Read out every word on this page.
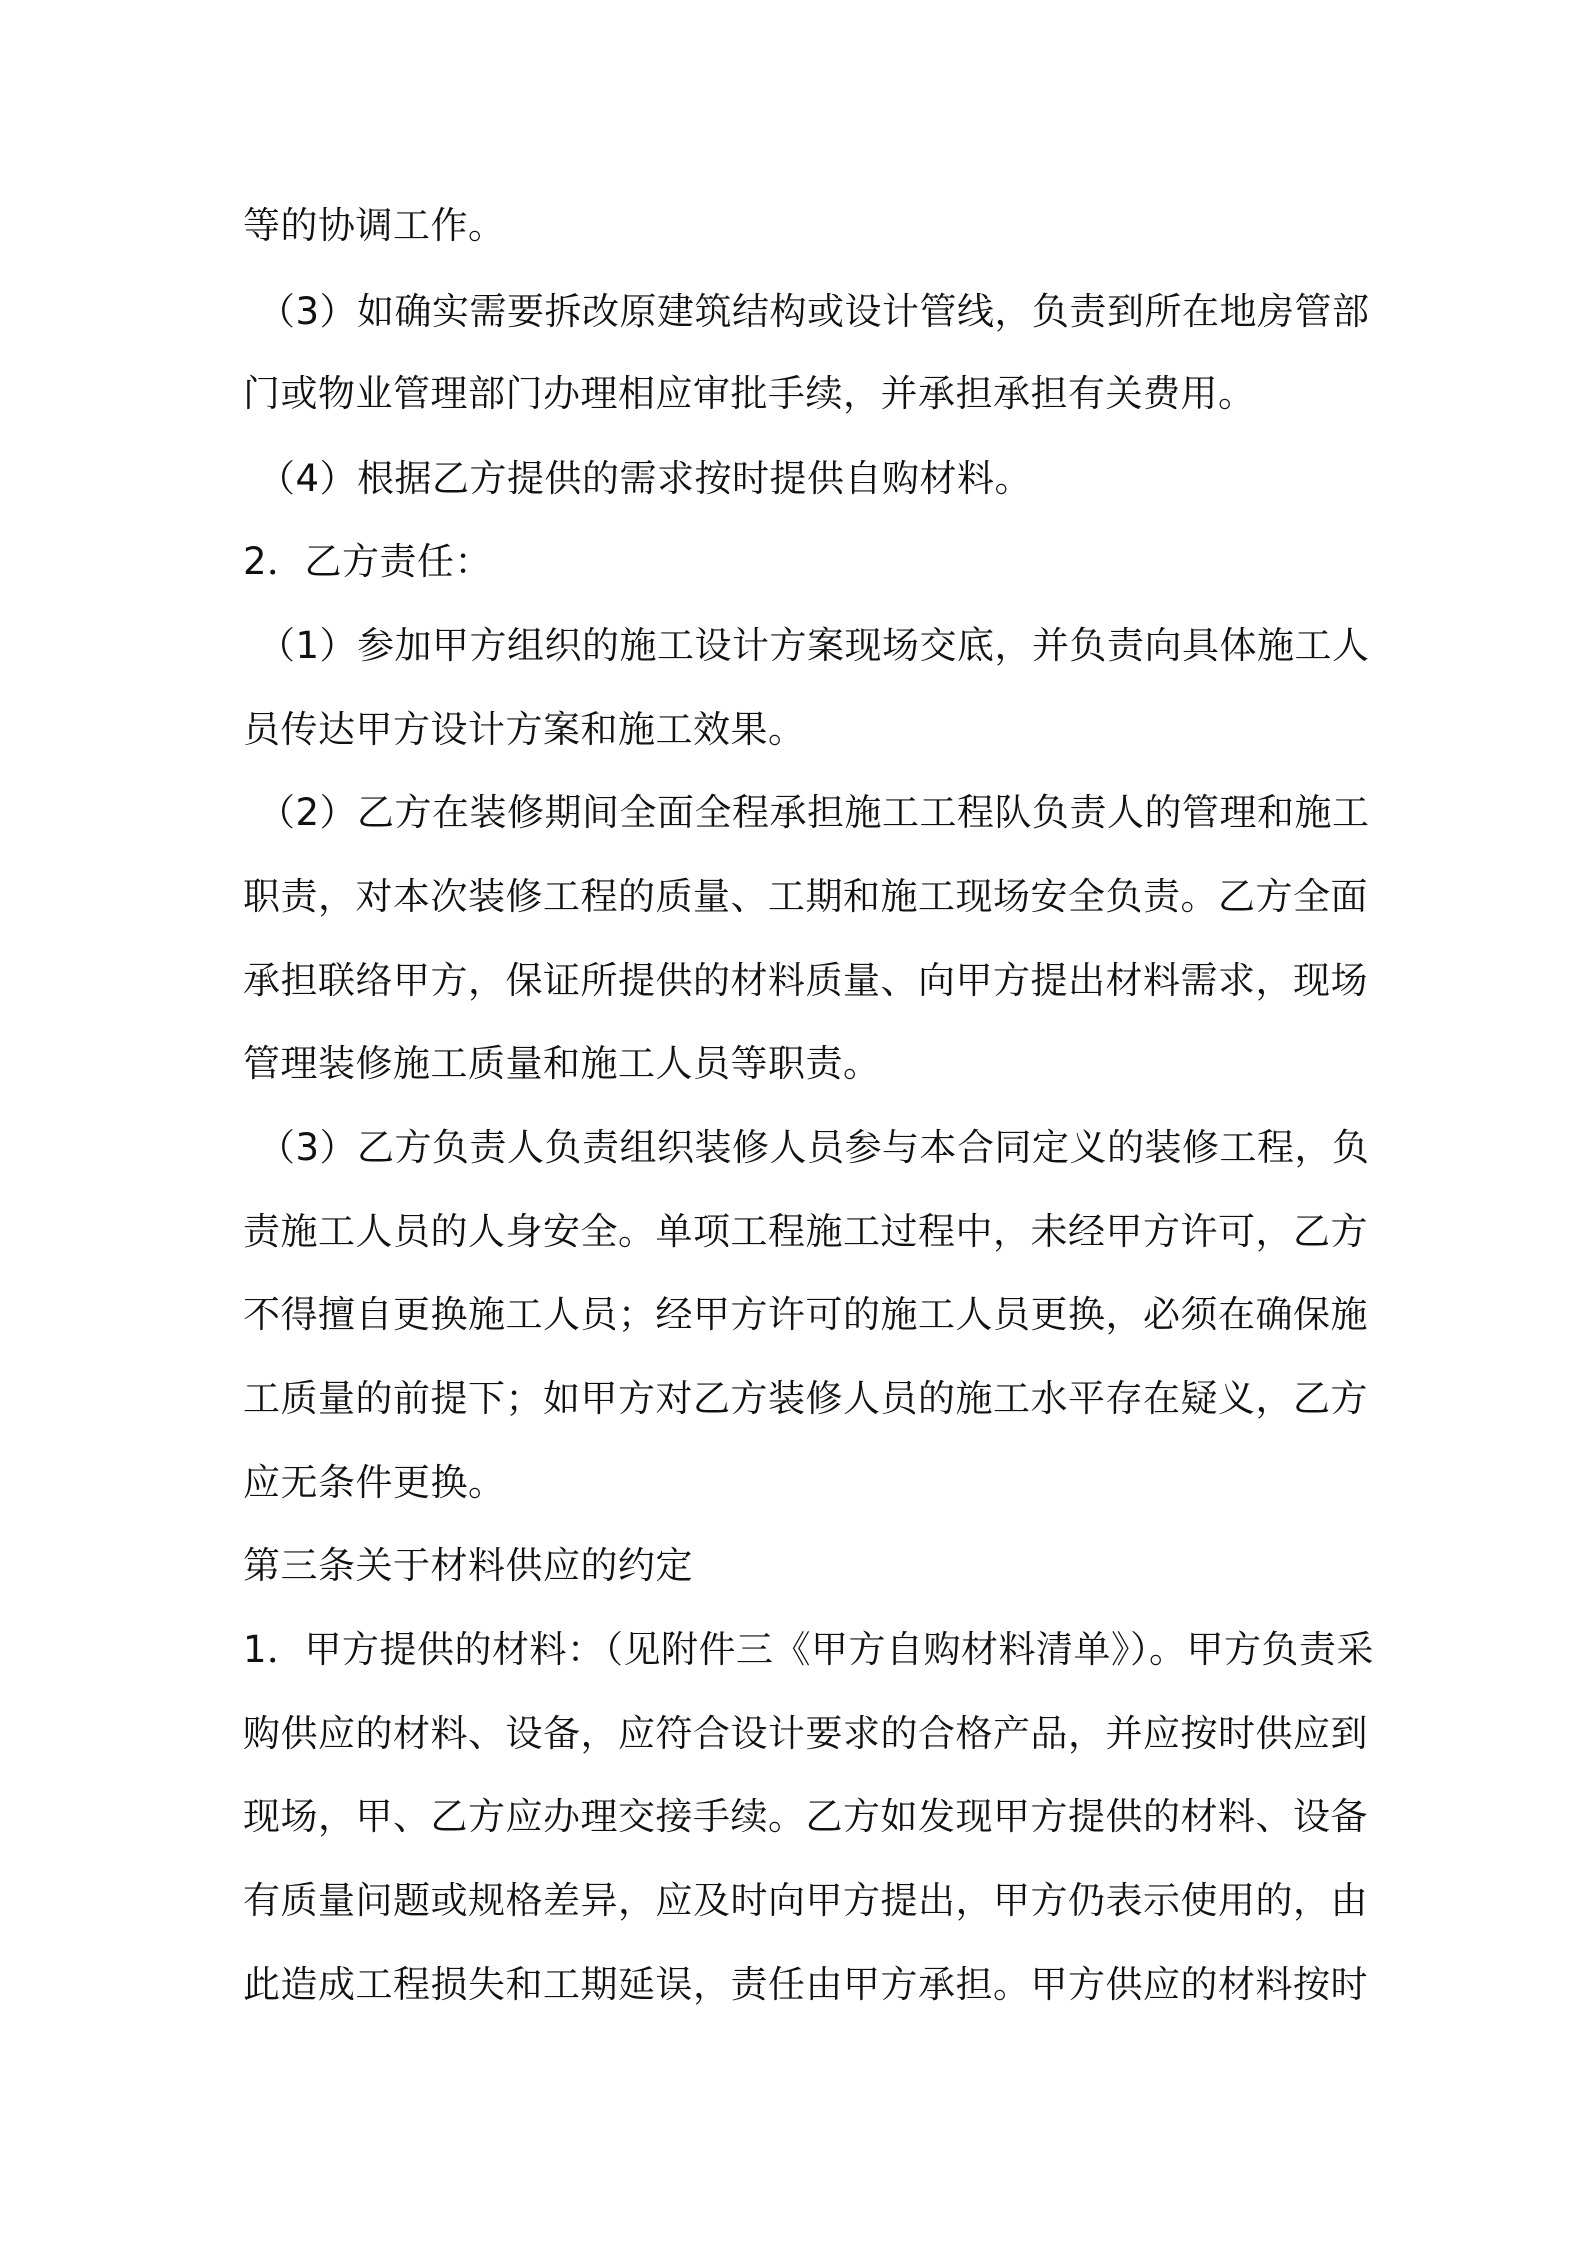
等的协调工作。
（3）如确实需要拆改原建筑结构或设计管线，负责到所在地房管部
门或物业管理部门办理相应审批手续，并承担承担有关费用。
（4）根据乙方提供的需求按时提供自购材料。
2．乙方责任：
（1）参加甲方组织的施工设计方案现场交底，并负责向具体施工人
员传达甲方设计方案和施工效果。
（2）乙方在装修期间全面全程承担施工工程队负责人的管理和施工
职责，对本次装修工程的质量、工期和施工现场安全负责。乙方全面
承担联络甲方，保证所提供的材料质量、向甲方提出材料需求，现场
管理装修施工质量和施工人员等职责。
（3）乙方负责人负责组织装修人员参与本合同定义的装修工程，负
责施工人员的人身安全。单项工程施工过程中，未经甲方许可，乙方
不得擅自更换施工人员；经甲方许可的施工人员更换，必须在确保施
工质量的前提下；如甲方对乙方装修人员的施工水平存在疑义，乙方
应无条件更换。
第三条关于材料供应的约定
1．甲方提供的材料：（见附件三《甲方自购材料清单》）。甲方负责采
购供应的材料、设备，应符合设计要求的合格产品，并应按时供应到
现场，甲、乙方应办理交接手续。乙方如发现甲方提供的材料、设备
有质量问题或规格差异，应及时向甲方提出，甲方仍表示使用的，由
此造成工程损失和工期延误，责任由甲方承担。甲方供应的材料按时
